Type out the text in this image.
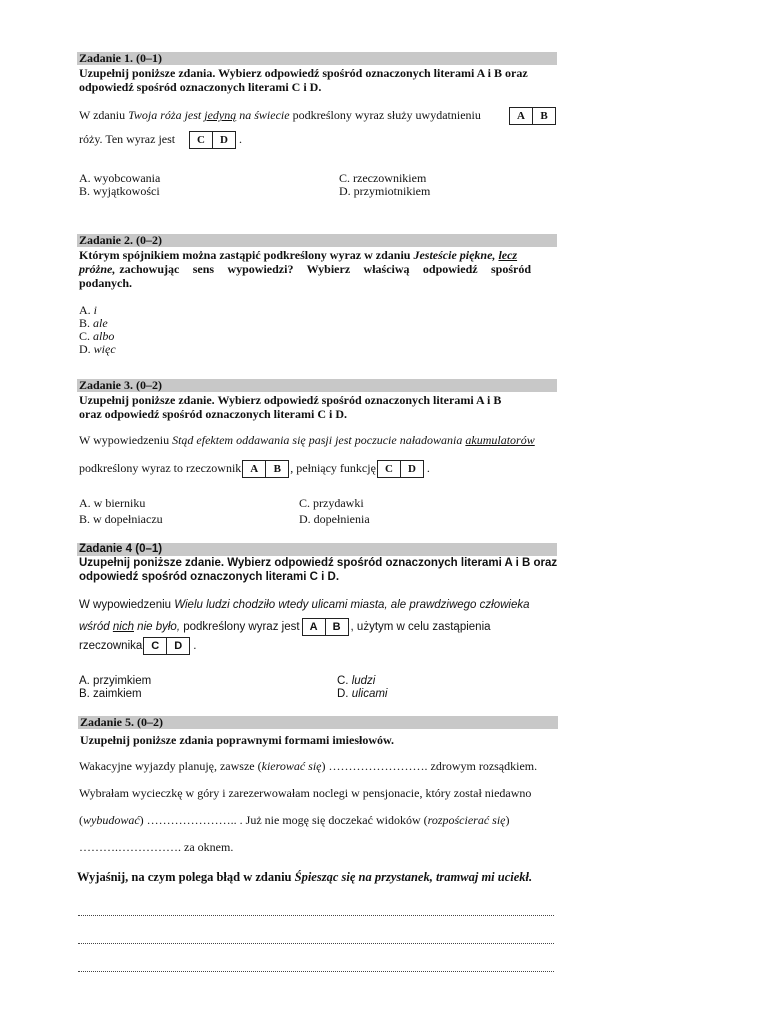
Zadanie 1. (0–1)
Uzupełnij poniższe zdania. Wybierz odpowiedź spośród oznaczonych literami A i B oraz
odpowiedź spośród oznaczonych literami C i D.
W zdaniu Twoja róża jest jedyną na świecie podkreślony wyraz służy uwydatnieniu	A	B
róży. Ten wyraz jest	C	D .
A. wyobcowania
B. wyjątkowości
C. rzeczownikiem
D. przymiotnikiem
Zadanie 2. (0–2)
Którym spójnikiem można zastąpić podkreślony wyraz w zdaniu Jesteście piękne, lecz
próżne, zachowując sens wypowiedzi? Wybierz właściwą odpowiedź spośród
podanych.
A. i
B. ale
C. albo
D. więc
Zadanie 3. (0–2)
Uzupełnij poniższe zdanie. Wybierz odpowiedź spośród oznaczonych literami A i B
oraz odpowiedź spośród oznaczonych literami C i D.
W wypowiedzeniu Stąd efektem oddawania się pasji jest poczucie naładowania akumulatorów
podkreślony wyraz to rzeczownik A	B , pełniący funkcję C	D .
A. w bierniku
B. w dopełniaczu
C. przydawki
D. dopełnienia
Zadanie 4 (0–1)
Uzupełnij poniższe zdanie. Wybierz odpowiedź spośród oznaczonych literami A i B oraz
odpowiedź spośród oznaczonych literami C i D.
W wypowiedzeniu Wielu ludzi chodziło wtedy ulicami miasta, ale prawdziwego człowieka
wśród nich nie było, podkreślony wyraz jest A	B , użytym w celu zastąpienia
rzeczownika C	D .
A. przyimkiem
B. zaimkiem
C. ludzi
D. ulicami
Zadanie 5. (0–2)
Uzupełnij poniższe zdania poprawnymi formami imiesłowów.
Wakacyjne wyjazdy planuję, zawsze (kierować się) ……………………. zdrowym rozsądkiem.
Wybrałam wycieczkę w góry i zarezerwowałam noclegi w pensjonacie, który został niedawno
(wybudować) ………………….. . Już nie mogę się doczekać widoków (rozpościerać się)
……….……………. za oknem.
Wyjaśnij, na czym polega błąd w zdaniu Śpiesząc się na przystanek, tramwaj mi uciekł.
